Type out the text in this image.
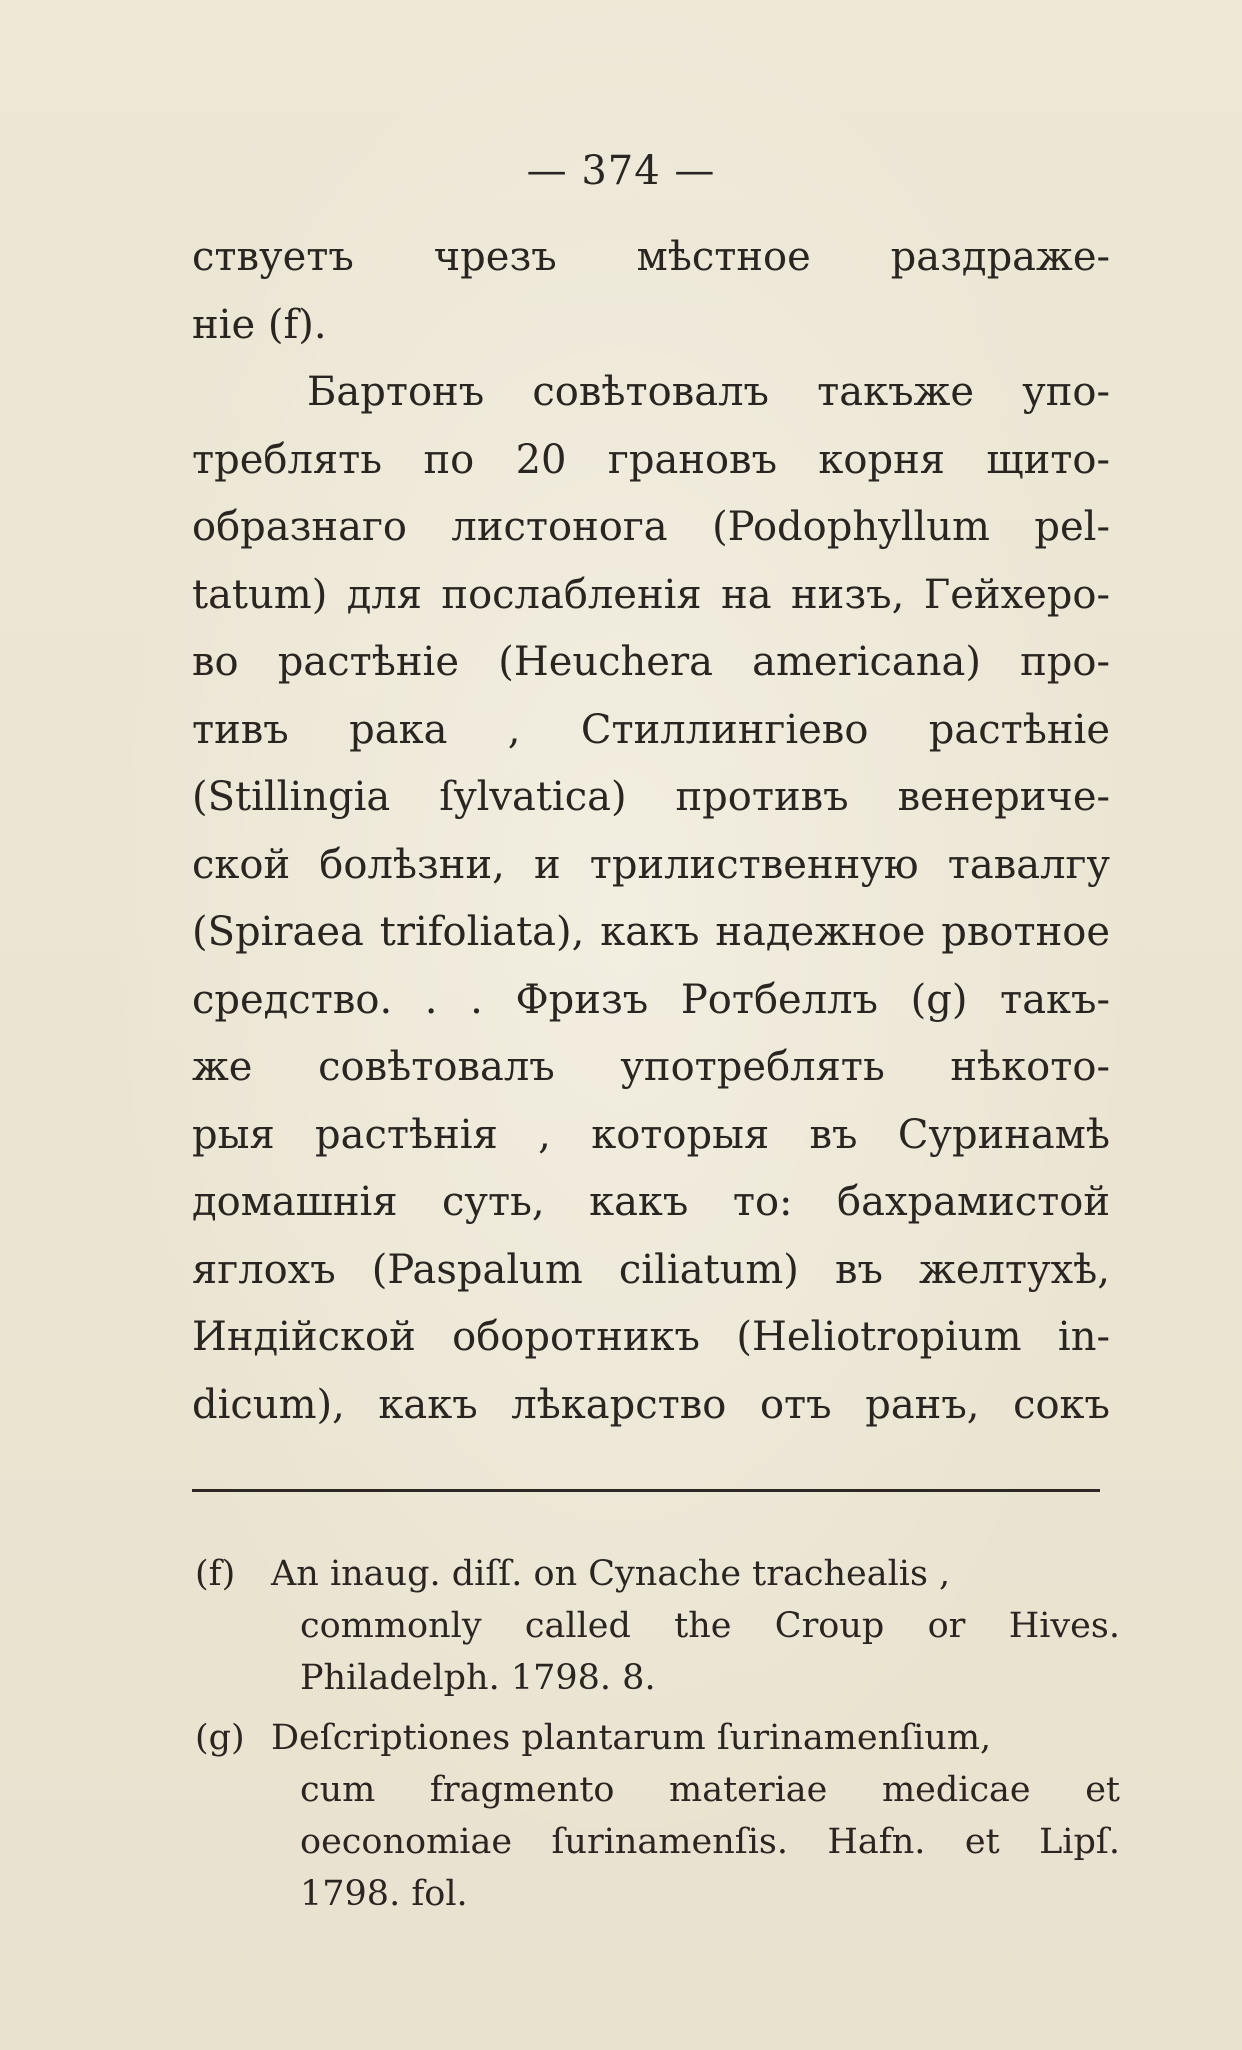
— 374 —
ствуетъ чрезъ мѣстное раздраже-
ніе (f).
Бартонъ совѣтовалъ такъже упо-
треблять по 20 грановъ корня щито-
образнаго листонога (Podophyllum pel-
tatum) для послабленія на низъ, Гейхеро-
во растѣніе (Heuchera americana) про-
тивъ рака , Стиллингіево растѣніе
(Stillingia ſylvatica) противъ венериче-
ской болѣзни, и трилиственную тавалгу
(Spiraea trifoliata), какъ надежное рвотное
средство. . . Фризъ Ротбеллъ (g) такъ-
же совѣтовалъ употреблять нѣкото-
рыя растѣнія , которыя въ Суринамѣ
домашнія суть, какъ то: бахрамистой
яглохъ (Paspalum ciliatum) въ желтухѣ,
Индійской оборотникъ (Heliotropium in-
dicum), какъ лѣкарство отъ ранъ, сокъ
(f) An inaug. diſſ. on Cynache trachealis ,
commonly called the Croup or Hives.
Philadelph. 1798. 8.
(g) Deſcriptiones plantarum ſurinamenſium,
cum fragmento materiae medicae et
oeconomiae ſurinamenſis. Hafn. et Lipſ.
1798. fol.
